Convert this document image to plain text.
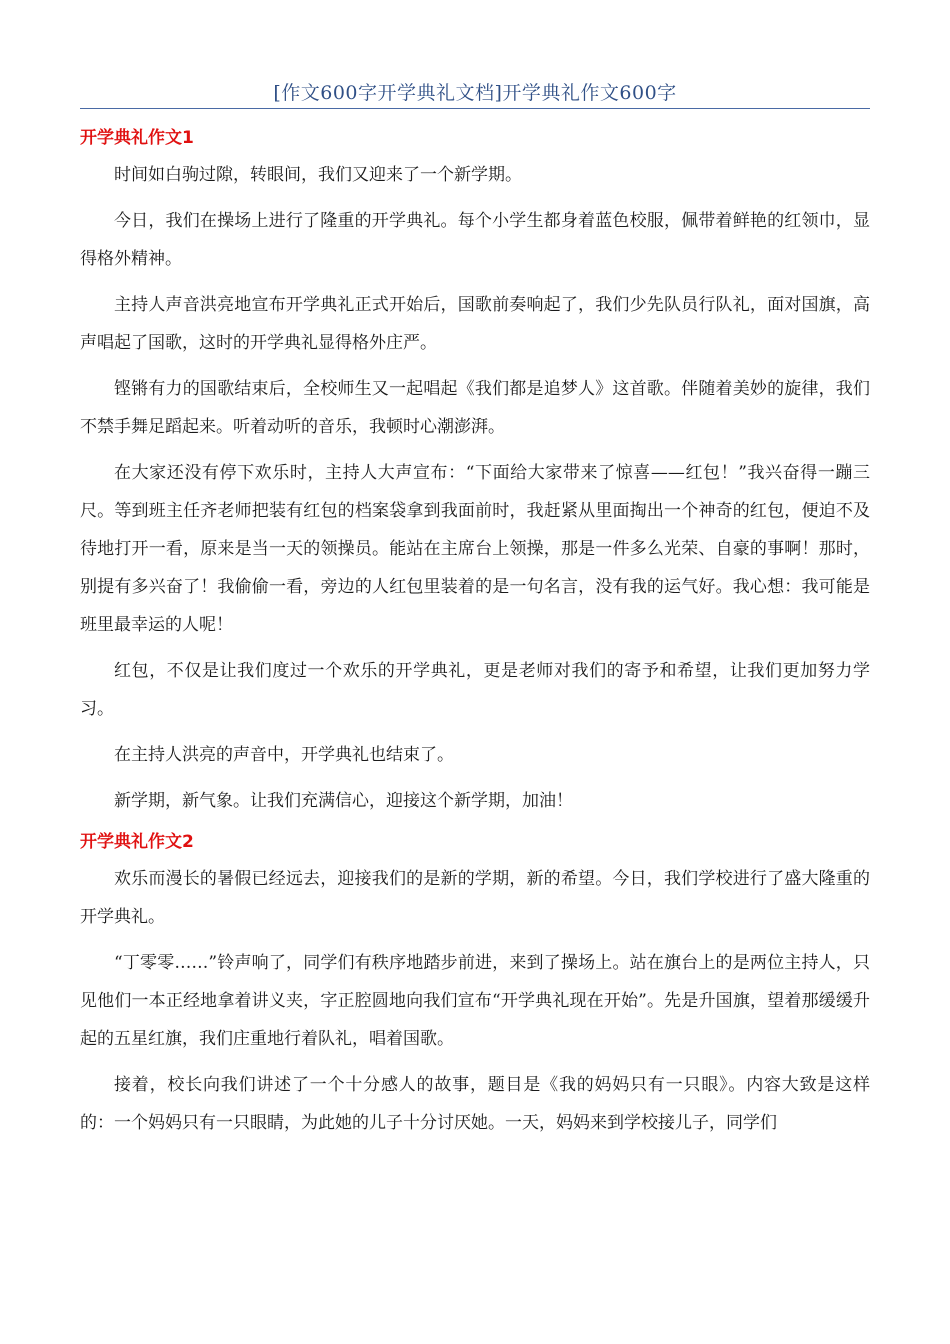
[作文600字开学典礼文档]开学典礼作文600字
开学典礼作文1

时间如白驹过隙，转眼间，我们又迎来了一个新学期。

今日，我们在操场上进行了隆重的开学典礼。每个小学生都身着蓝色校服，佩带着鲜艳的红领巾，显得格外精神。

主持人声音洪亮地宣布开学典礼正式开始后，国歌前奏响起了，我们少先队员行队礼，面对国旗，高声唱起了国歌，这时的开学典礼显得格外庄严。

铿锵有力的国歌结束后，全校师生又一起唱起《我们都是追梦人》这首歌。伴随着美妙的旋律，我们不禁手舞足蹈起来。听着动听的音乐，我顿时心潮澎湃。

在大家还没有停下欢乐时，主持人大声宣布：“下面给大家带来了惊喜——红包！”我兴奋得一蹦三尺。等到班主任齐老师把装有红包的档案袋拿到我面前时，我赶紧从里面掏出一个神奇的红包，便迫不及待地打开一看，原来是当一天的领操员。能站在主席台上领操，那是一件多么光荣、自豪的事啊！那时，别提有多兴奋了！我偷偷一看，旁边的人红包里装着的是一句名言，没有我的运气好。我心想：我可能是班里最幸运的人呢！

红包，不仅是让我们度过一个欢乐的开学典礼，更是老师对我们的寄予和希望，让我们更加努力学习。

在主持人洪亮的声音中，开学典礼也结束了。

新学期，新气象。让我们充满信心，迎接这个新学期，加油！

开学典礼作文2

欢乐而漫长的暑假已经远去，迎接我们的是新的学期，新的希望。今日，我们学校进行了盛大隆重的开学典礼。

“丁零零……”铃声响了，同学们有秩序地踏步前进，来到了操场上。站在旗台上的是两位主持人，只见他们一本正经地拿着讲义夹，字正腔圆地向我们宣布“开学典礼现在开始”。先是升国旗，望着那缓缓升起的五星红旗，我们庄重地行着队礼，唱着国歌。

接着，校长向我们讲述了一个十分感人的故事，题目是《我的妈妈只有一只眼》。内容大致是这样的：一个妈妈只有一只眼睛，为此她的儿子十分讨厌她。一天，妈妈来到学校接儿子，同学们
